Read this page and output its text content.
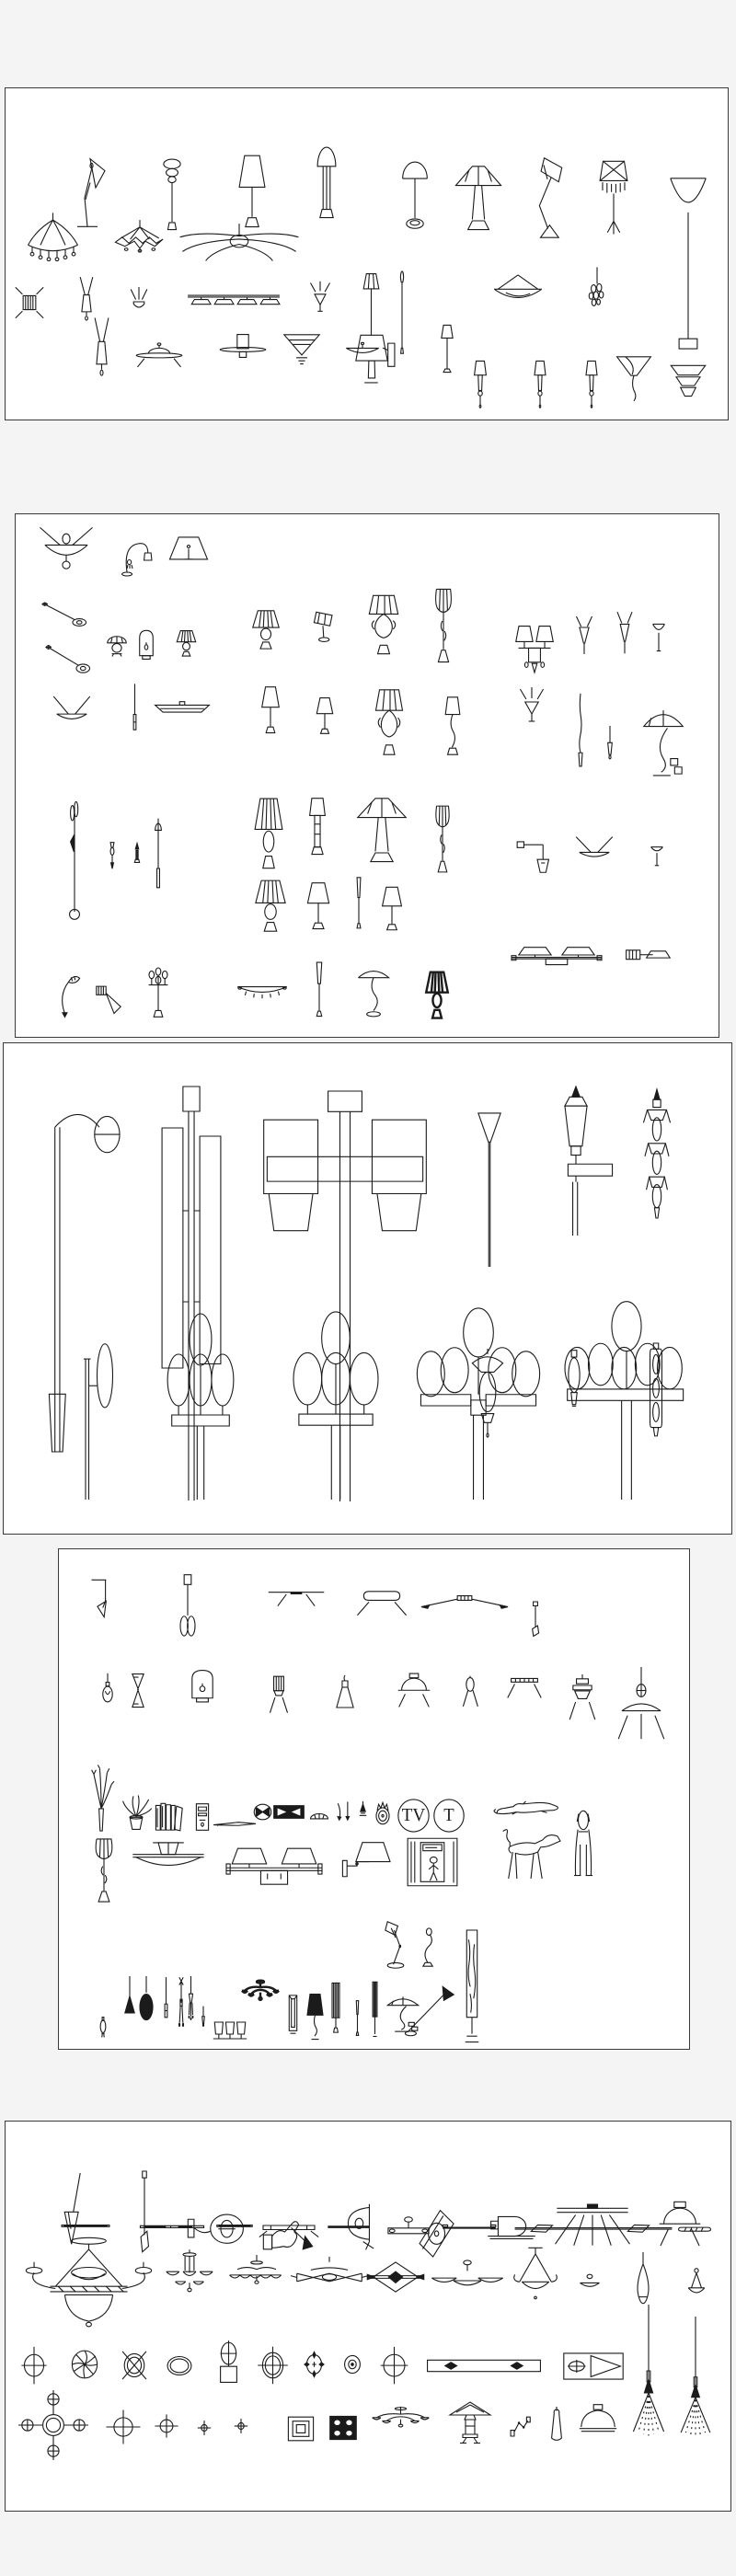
TV T
